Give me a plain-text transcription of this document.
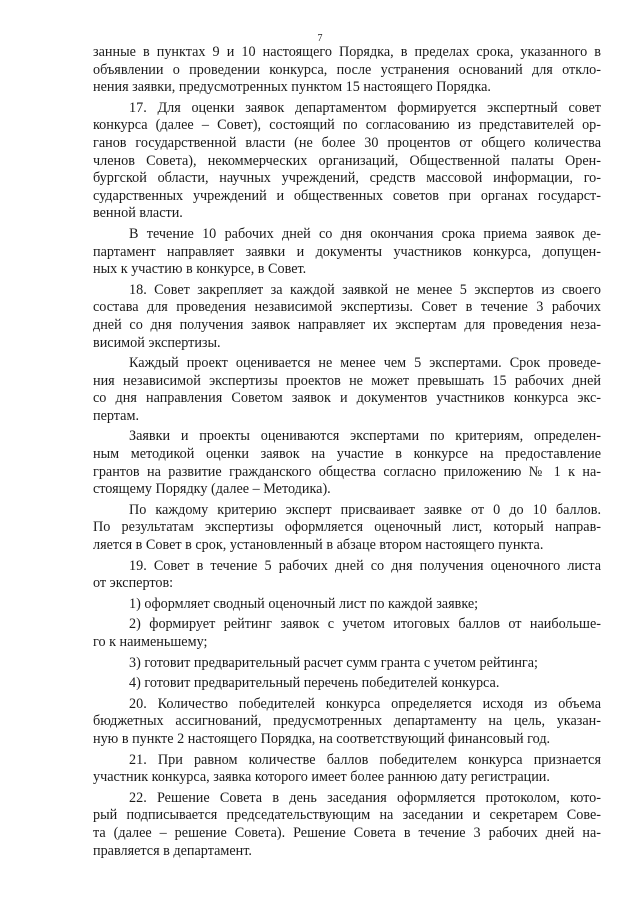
7
занные в пунктах 9 и 10 настоящего Порядка, в пределах срока, указанного в
объявлении о проведении конкурса, после устранения оснований для откло-
нения заявки, предусмотренных пунктом 15 настоящего Порядка.
17. Для оценки заявок департаментом формируется экспертный совет
конкурса (далее – Совет), состоящий по согласованию из представителей ор-
ганов государственной власти (не более 30 процентов от общего количества
членов Совета), некоммерческих организаций, Общественной палаты Орен-
бургской области, научных учреждений, средств массовой информации, го-
сударственных учреждений и общественных советов при органах государст-
венной власти.
В течение 10 рабочих дней со дня окончания срока приема заявок де-
партамент направляет заявки и документы участников конкурса, допущен-
ных к участию в конкурсе, в Совет.
18. Совет закрепляет за каждой заявкой не менее 5 экспертов из своего
состава для проведения независимой экспертизы. Совет в течение 3 рабочих
дней со дня получения заявок направляет их экспертам для проведения неза-
висимой экспертизы.
Каждый проект оценивается не менее чем 5 экспертами. Срок проведе-
ния независимой экспертизы проектов не может превышать 15 рабочих дней
со дня направления Советом заявок и документов участников конкурса экс-
пертам.
Заявки и проекты оцениваются экспертами по критериям, определен-
ным методикой оценки заявок на участие в конкурсе на предоставление
грантов на развитие гражданского общества согласно приложению № 1 к на-
стоящему Порядку (далее – Методика).
По каждому критерию эксперт присваивает заявке от 0 до 10 баллов.
По результатам экспертизы оформляется оценочный лист, который направ-
ляется в Совет в срок, установленный в абзаце втором настоящего пункта.
19. Совет в течение 5 рабочих дней со дня получения оценочного листа
от экспертов:
1) оформляет сводный оценочный лист по каждой заявке;
2) формирует рейтинг заявок с учетом итоговых баллов от наибольше-
го к наименьшему;
3) готовит предварительный расчет сумм гранта с учетом рейтинга;
4) готовит предварительный перечень победителей конкурса.
20. Количество победителей конкурса определяется исходя из объема
бюджетных ассигнований, предусмотренных департаменту на цель, указан-
ную в пункте 2 настоящего Порядка, на соответствующий финансовый год.
21. При равном количестве баллов победителем конкурса признается
участник конкурса, заявка которого имеет более раннюю дату регистрации.
22. Решение Совета в день заседания оформляется протоколом, кото-
рый подписывается председательствующим на заседании и секретарем Сове-
та (далее – решение Совета). Решение Совета в течение 3 рабочих дней на-
правляется в департамент.
